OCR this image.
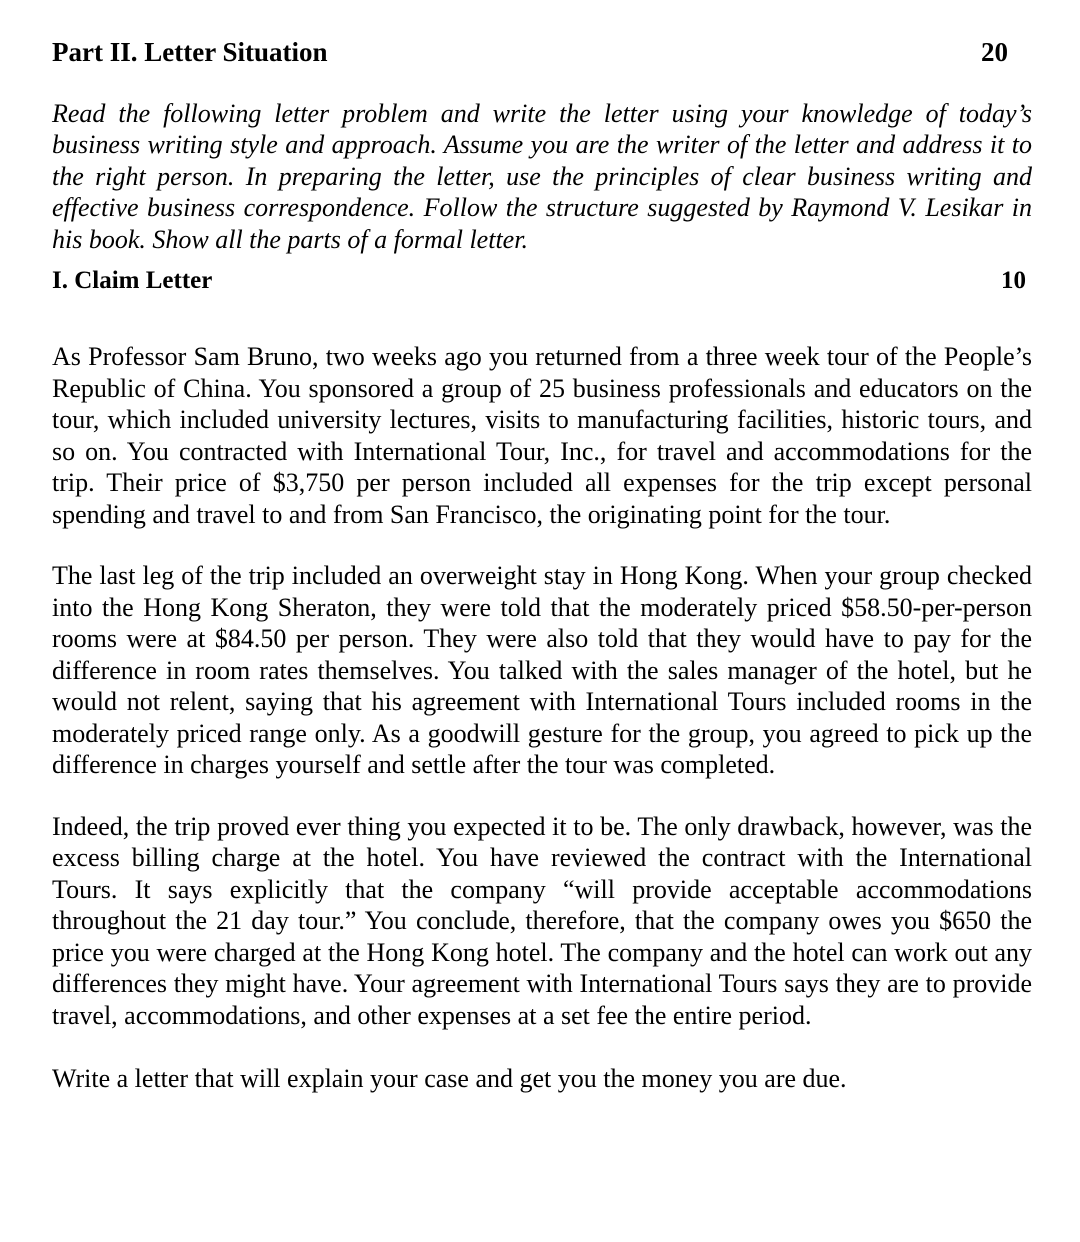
Part II. Letter Situation	20
Read the following letter problem and write the letter using your knowledge of today’s business writing style and approach. Assume you are the writer of the letter and address it to the right person. In preparing the letter, use the principles of clear business writing and effective business correspondence. Follow the structure suggested by Raymond V. Lesikar in his book. Show all the parts of a formal letter.
I. Claim Letter	10

As Professor Sam Bruno, two weeks ago you returned from a three week tour of the People’s Republic of China. You sponsored a group of 25 business professionals and educators on the tour, which included university lectures, visits to manufacturing facilities, historic tours, and so on. You contracted with International Tour, Inc., for travel and accommodations for the trip. Their price of $3,750 per person included all expenses for the trip except personal spending and travel to and from San Francisco, the originating point for the tour.

The last leg of the trip included an overweight stay in Hong Kong. When your group checked into the Hong Kong Sheraton, they were told that the moderately priced $58.50-per-person rooms were at $84.50 per person. They were also told that they would have to pay for the difference in room rates themselves. You talked with the sales manager of the hotel, but he would not relent, saying that his agreement with International Tours included rooms in the moderately priced range only. As a goodwill gesture for the group, you agreed to pick up the difference in charges yourself and settle after the tour was completed.

Indeed, the trip proved ever thing you expected it to be. The only drawback, however, was the excess billing charge at the hotel. You have reviewed the contract with the International Tours. It says explicitly that the company “will provide acceptable accommodations throughout the 21 day tour.” You conclude, therefore, that the company owes you $650 the price you were charged at the Hong Kong hotel. The company and the hotel can work out any differences they might have. Your agreement with International Tours says they are to provide travel, accommodations, and other expenses at a set fee the entire period.

Write a letter that will explain your case and get you the money you are due.
